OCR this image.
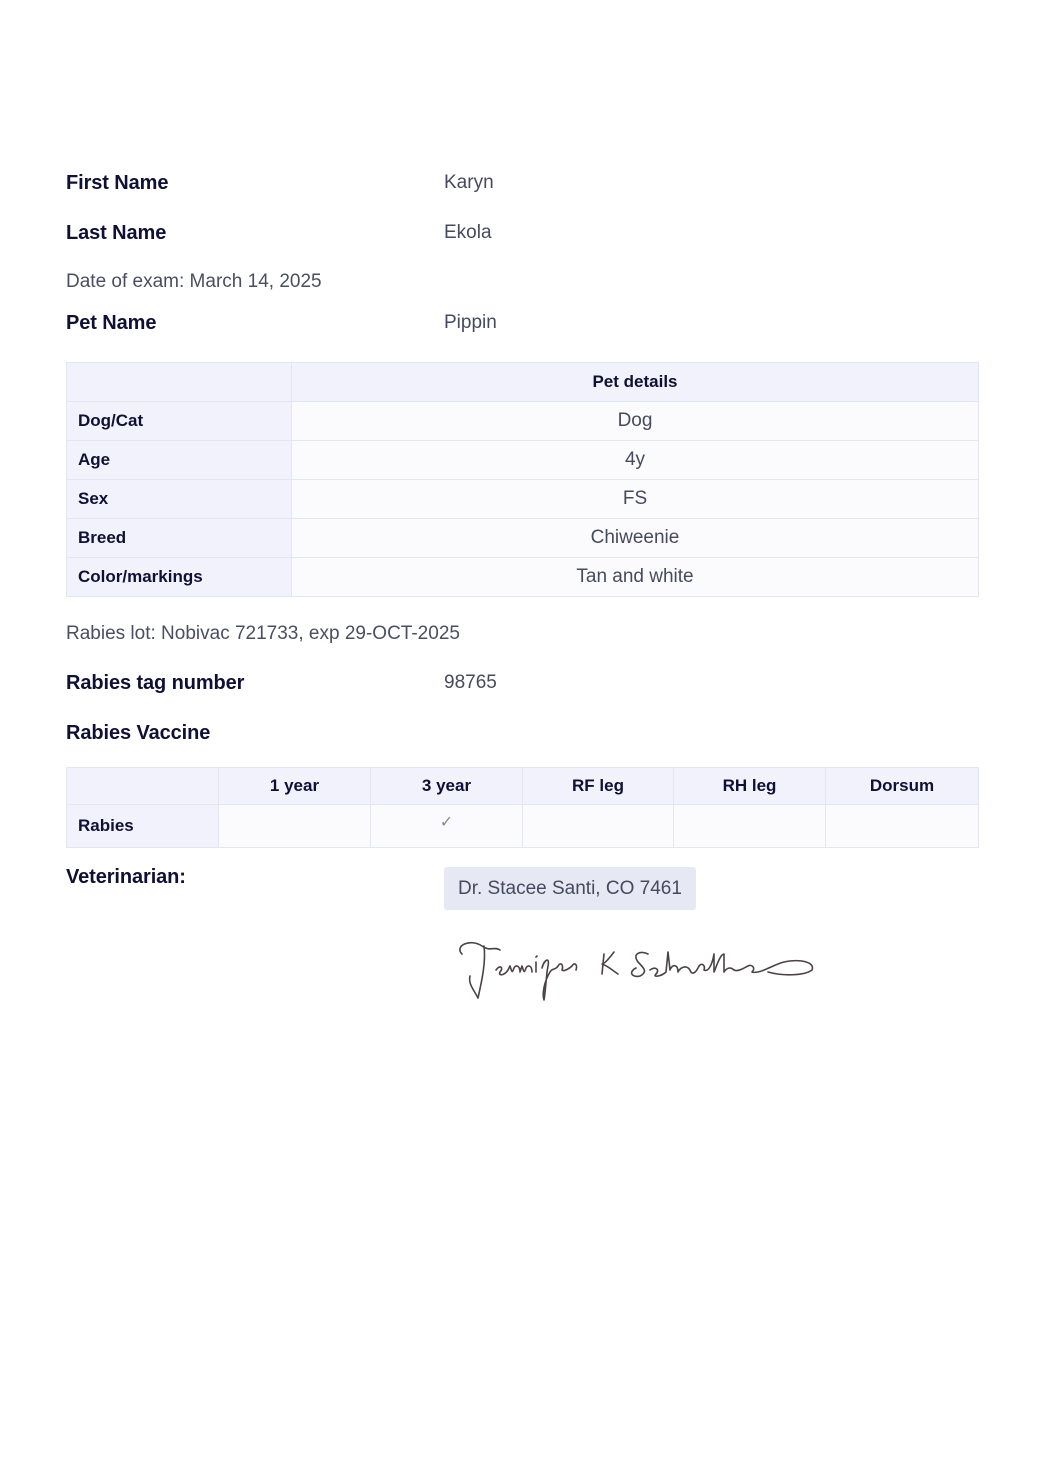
First Name	Karyn
Last Name	Ekola
Date of exam: March 14, 2025
Pet Name	Pippin
	Pet details
Dog/Cat	Dog
Age	4y
Sex	FS
Breed	Chiweenie
Color/markings	Tan and white
Rabies lot: Nobivac 721733, exp 29-OCT-2025
Rabies tag number	98765
Rabies Vaccine
	1 year	3 year	RF leg	RH leg	Dorsum
Rabies		✓			
Veterinarian:
Dr. Stacee Santi, CO 7461
